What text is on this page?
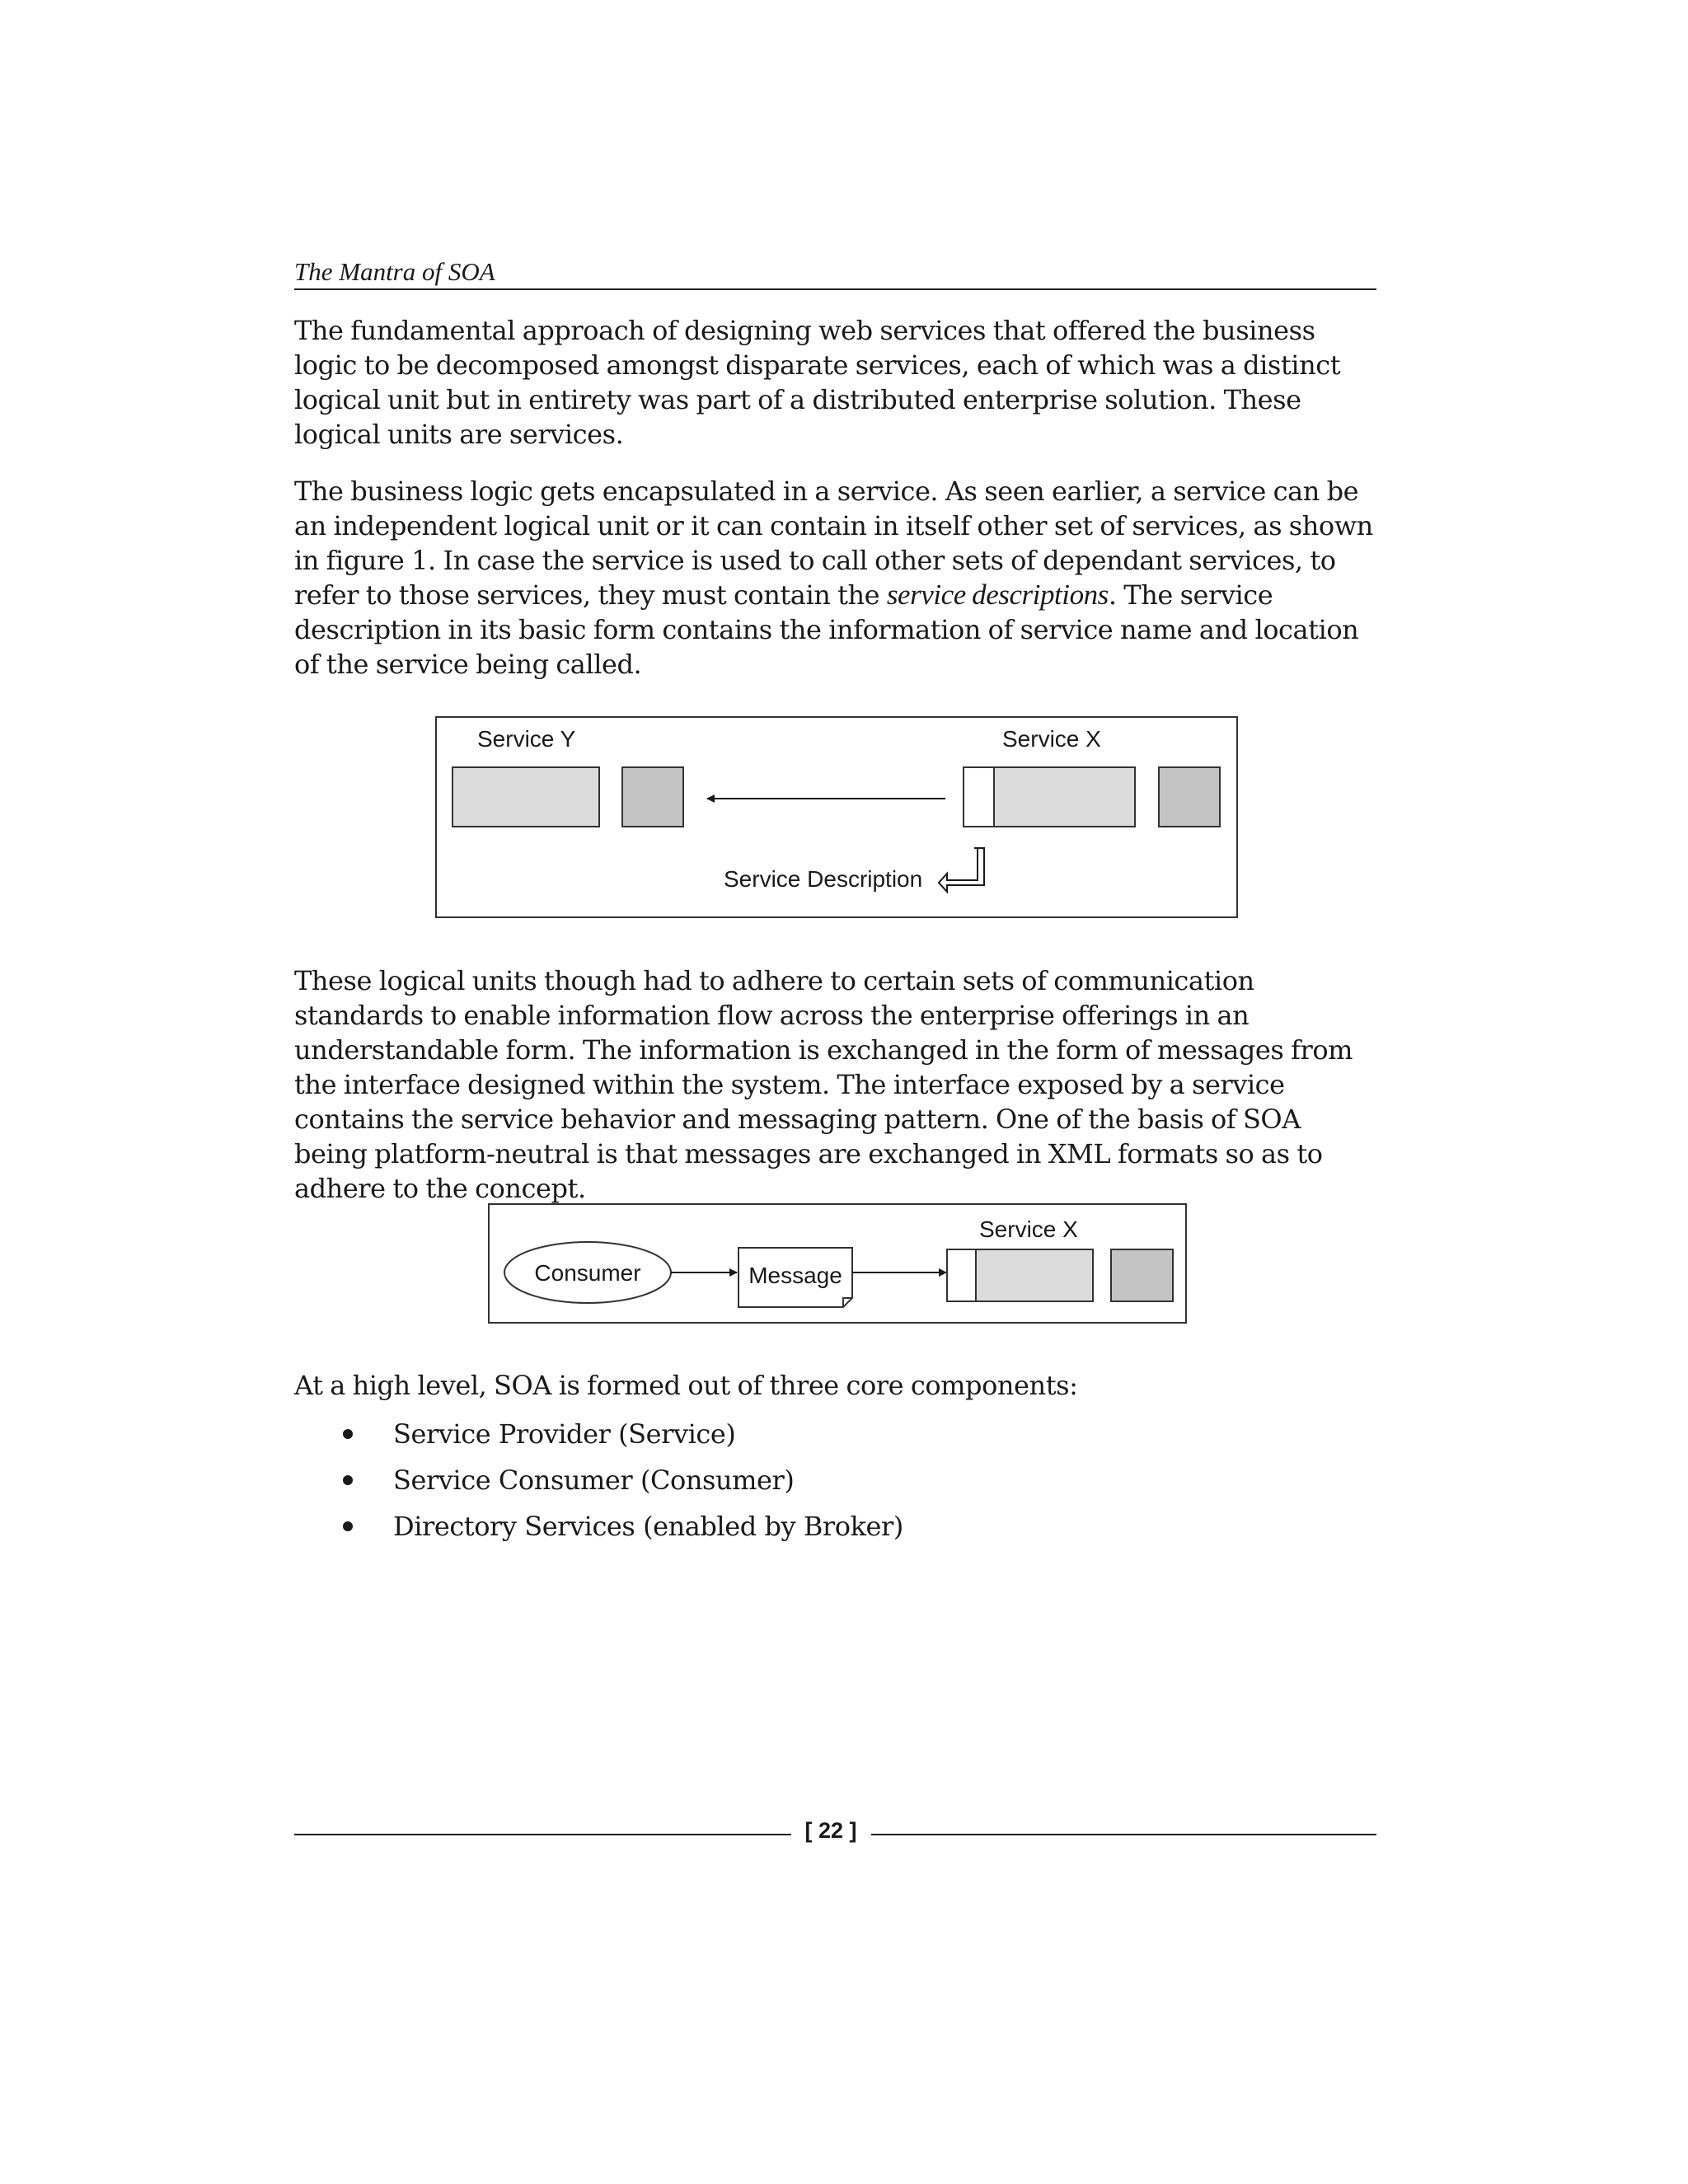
The Mantra of SOA

The fundamental approach of designing web services that offered the business logic to be decomposed amongst disparate services, each of which was a distinct logical unit but in entirety was part of a distributed enterprise solution. These logical units are services.

The business logic gets encapsulated in a service. As seen earlier, a service can be an independent logical unit or it can contain in itself other set of services, as shown in figure 1. In case the service is used to call other sets of dependant services, to refer to those services, they must contain the service descriptions. The service description in its basic form contains the information of service name and location of the service being called.

Service Y	Service X
Service Description

These logical units though had to adhere to certain sets of communication standards to enable information flow across the enterprise offerings in an understandable form. The information is exchanged in the form of messages from the interface designed within the system. The interface exposed by a service contains the service behavior and messaging pattern. One of the basis of SOA being platform-neutral is that messages are exchanged in XML formats so as to adhere to the concept.

Service X
Consumer	Message

At a high level, SOA is formed out of three core components:

Service Provider (Service)
Service Consumer (Consumer)
Directory Services (enabled by Broker)
[ 22 ]
